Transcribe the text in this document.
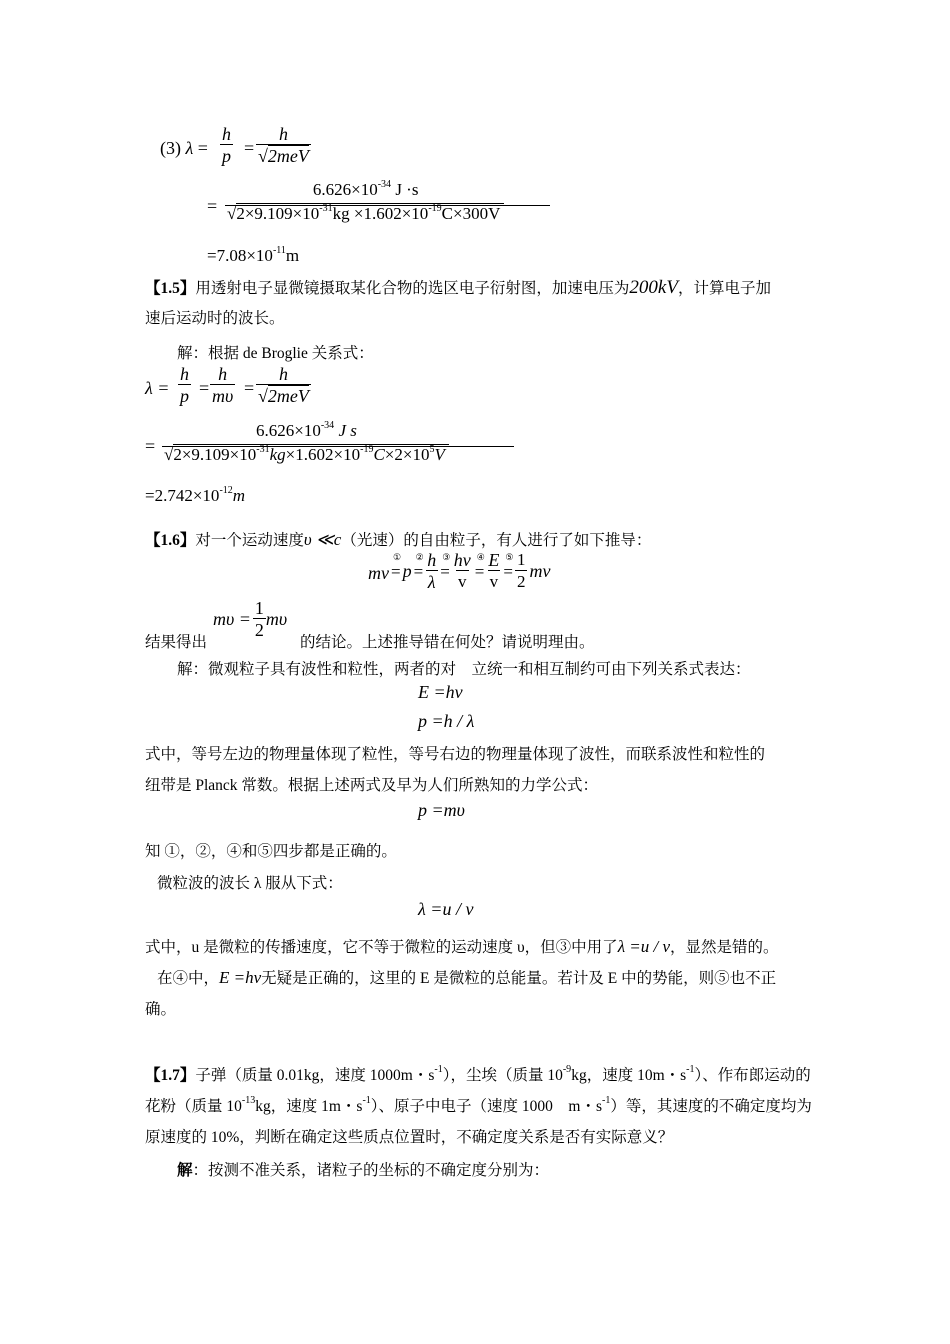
(3) $\lambda = \frac{h}{p} = \frac{h}{\text{√2meV}}$
=
$6.626\times 10^{-34}$ J ·s
$√2\times 9.109\times 10^{-31}kg \times 1.602\times 10^{-19}C\times 300V$
$=7.08\times 10^{-11}m$
【1.5】用透射电子显微镜摄取某化合物的选区电子衍射图，加速电压为200kV，计算电子加
速后运动时的波长。
解：根据 de Broglie 关系式：
$\lambda = \frac{h}{p} = \frac{h}{m\upsilon} = \frac{h}{\text{√2meV}}$
=
$6.626\times 10^{-34}$ J s
$√2\times 9.109\times 10^{-31}kg\times 1.602\times 10^{-19}C\times 2\times 10^5V$
$=2.742\times 10^{-12}m$
【1.6】对一个运动速度υ ≪c（光速）的自由粒子，有人进行了如下推导：
mv =
①
p =
② $\frac{h}{\lambda}$ =
③ $\frac{h\nu}{v}$ =
④ $\frac{E}{v}$ =
⑤ $\frac{1}{2}$ mv
$m\upsilon = \frac{1}{2}$ mυ
结果得出	的结论。上述推导错在何处？请说明理由。
解：微观粒子具有波性和粒性，两者的对　立统一和相互制约可由下列关系式表达：
E =hν
p =h / λ
式中，等号左边的物理量体现了粒性，等号右边的物理量体现了波性，而联系波性和粒性的
纽带是 Planck 常数。根据上述两式及早为人们所熟知的力学公式：
p =mυ
知 ①，②，④和⑤四步都是正确的。
微粒波的波长 λ 服从下式：
λ =u / v
式中，u 是微粒的传播速度，它不等于微粒的运动速度 υ，但③中用了λ =u / v，显然是错的。
在④中，E =hν无疑是正确的，这里的 E 是微粒的总能量。若计及 E 中的势能，则⑤也不正
确。
【1.7】子弹（质量 0.01kg，速度 1000m・$s^{-1}$），尘埃（质量 $10^{-9}kg$，速度 10m・$s^{-1}$）、作布郎运动的
花粉（质量 $10^{-13}kg$，速度 1m・$s^{-1}$）、原子中电子（速度 1000　m・$s^{-1}$）等，其速度的不确定度均为
原速度的 10%，判断在确定这些质点位置时，不确定度关系是否有实际意义？
解：按测不准关系，诸粒子的坐标的不确定度分别为：
